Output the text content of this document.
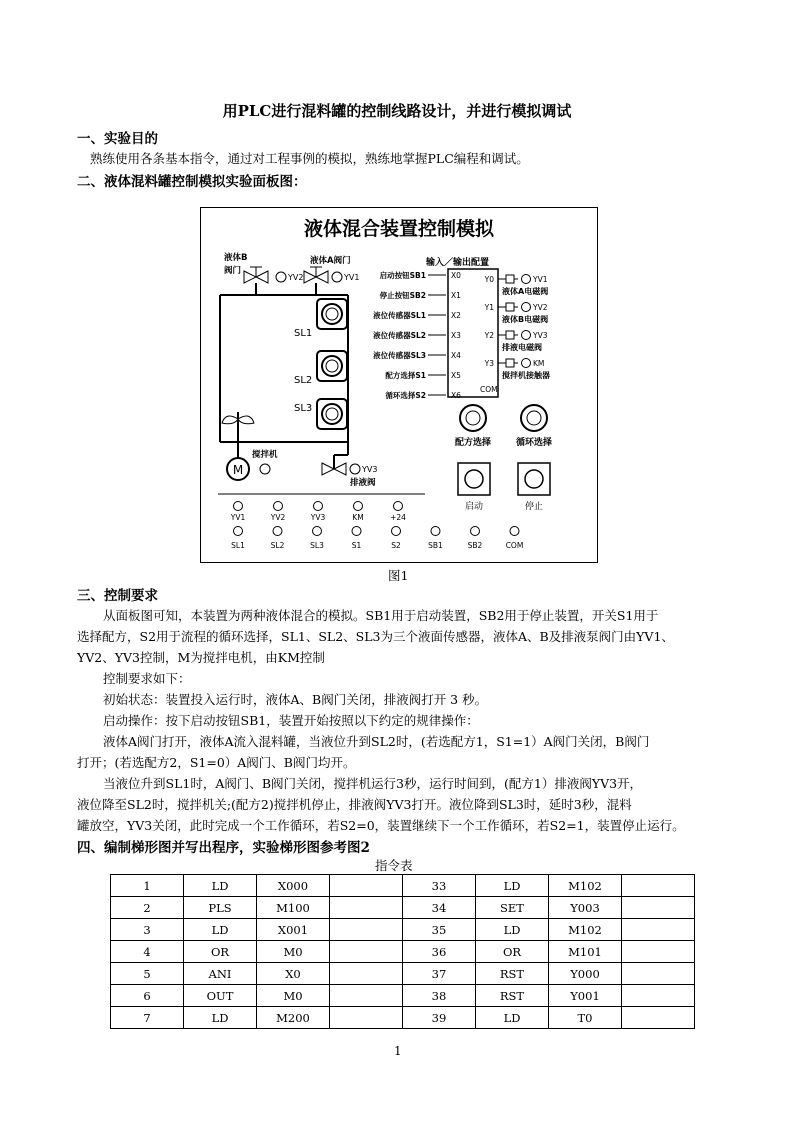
用PLC进行混料罐的控制线路设计，并进行模拟调试
一、实验目的
熟练使用各条基本指令，通过对工程事例的模拟，熟练地掌握PLC编程和调试。
二、液体混料罐控制模拟实验面板图：
液体混合装置控制模拟
液体B
阀门
液体A阀门
YV2	YV1
SL1
SL2
SL3
M
搅拌机
YV3
排液阀
输入／输出配置
启动按钮SB1	X0
停止按钮SB2	X1
液位传感器SL1	X2
液位传感器SL2	X3
液位传感器SL3	X4
配方选择S1	X5
循环选择S2	X6
Y0	YV1
液体A电磁阀
Y1	YV2
液体B电磁阀
Y2	YV3
排液电磁阀
Y3	KM
搅拌机接触器
COM
配方选择	循环选择
启动	停止
YV1	YV2	YV3	KM	+24
SL1	SL2	SL3	S1	S2	SB1	SB2	COM
图1
三、控制要求
从面板图可知，本装置为两种液体混合的模拟。SB1用于启动装置，SB2用于停止装置，开关S1用于
选择配方，S2用于流程的循环选择，SL1、SL2、SL3为三个液面传感器，液体A、B及排液泵阀门由YV1、
YV2、YV3控制，M为搅拌电机，由KM控制
控制要求如下：
初始状态：装置投入运行时，液体A、B阀门关闭，排液阀打开 3 秒。
启动操作：按下启动按钮SB1，装置开始按照以下约定的规律操作：
液体A阀门打开，液体A流入混料罐，当液位升到SL2时，(若选配方1，S1=1）A阀门关闭，B阀门
打开；(若选配方2，S1=0）A阀门、B阀门均开。
当液位升到SL1时，A阀门、B阀门关闭，搅拌机运行3秒，运行时间到，(配方1）排液阀YV3开，
液位降至SL2时，搅拌机关;(配方2)搅拌机停止，排液阀YV3打开。液位降到SL3时，延时3秒，混料
罐放空，YV3关闭，此时完成一个工作循环，若S2=0，装置继续下一个工作循环，若S2=1，装置停止运行。
四、编制梯形图并写出程序，实验梯形图参考图2
指令表
1	LD	X000		33	LD	M102	
2	PLS	M100		34	SET	Y003	
3	LD	X001		35	LD	M102	
4	OR	M0		36	OR	M101	
5	ANI	X0		37	RST	Y000	
6	OUT	M0		38	RST	Y001	
7	LD	M200		39	LD	T0	
1
